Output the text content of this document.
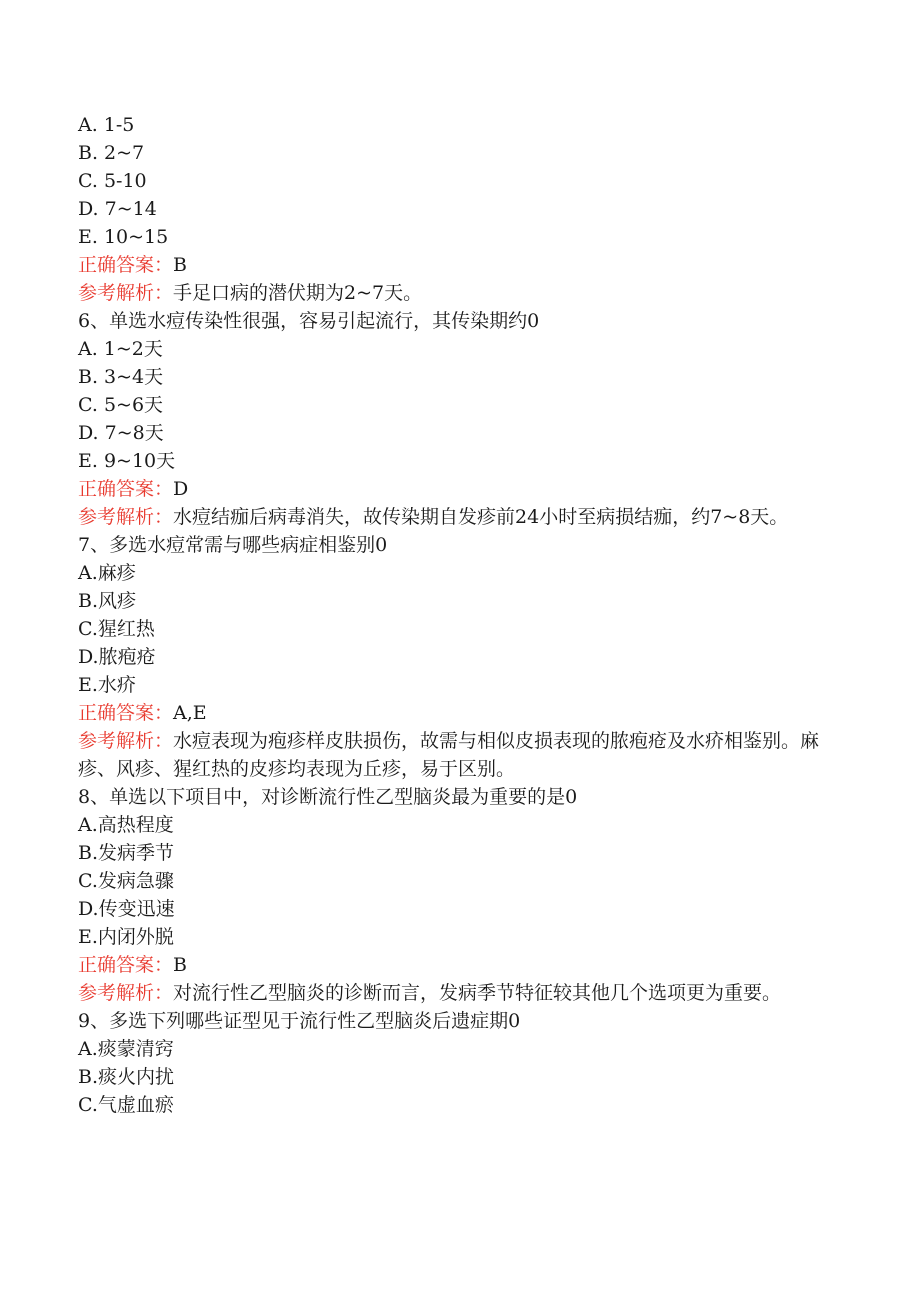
A. 1-5
B. 2~7
C. 5-10
D. 7~14
E. 10~15
正确答案：B
参考解析：手足口病的潜伏期为2~7天。
6、单选水痘传染性很强，容易引起流行，其传染期约0
A. 1~2天
B. 3~4天
C. 5~6天
D. 7~8天
E. 9~10天
正确答案：D
参考解析：水痘结痂后病毒消失，故传染期自发疹前24小时至病损结痂，约7~8天。
7、多选水痘常需与哪些病症相鉴别0
A.麻疹
B.风疹
C.猩红热
D.脓疱疮
E.水疥
正确答案：A,E
参考解析：水痘表现为疱疹样皮肤损伤，故需与相似皮损表现的脓疱疮及水疥相鉴别。麻疹、风疹、猩红热的皮疹均表现为丘疹，易于区别。
8、单选以下项目中，对诊断流行性乙型脑炎最为重要的是0
A.高热程度
B.发病季节
C.发病急骤
D.传变迅速
E.内闭外脱
正确答案：B
参考解析：对流行性乙型脑炎的诊断而言，发病季节特征较其他几个选项更为重要。
9、多选下列哪些证型见于流行性乙型脑炎后遗症期0
A.痰蒙清窍
B.痰火内扰
C.气虚血瘀
